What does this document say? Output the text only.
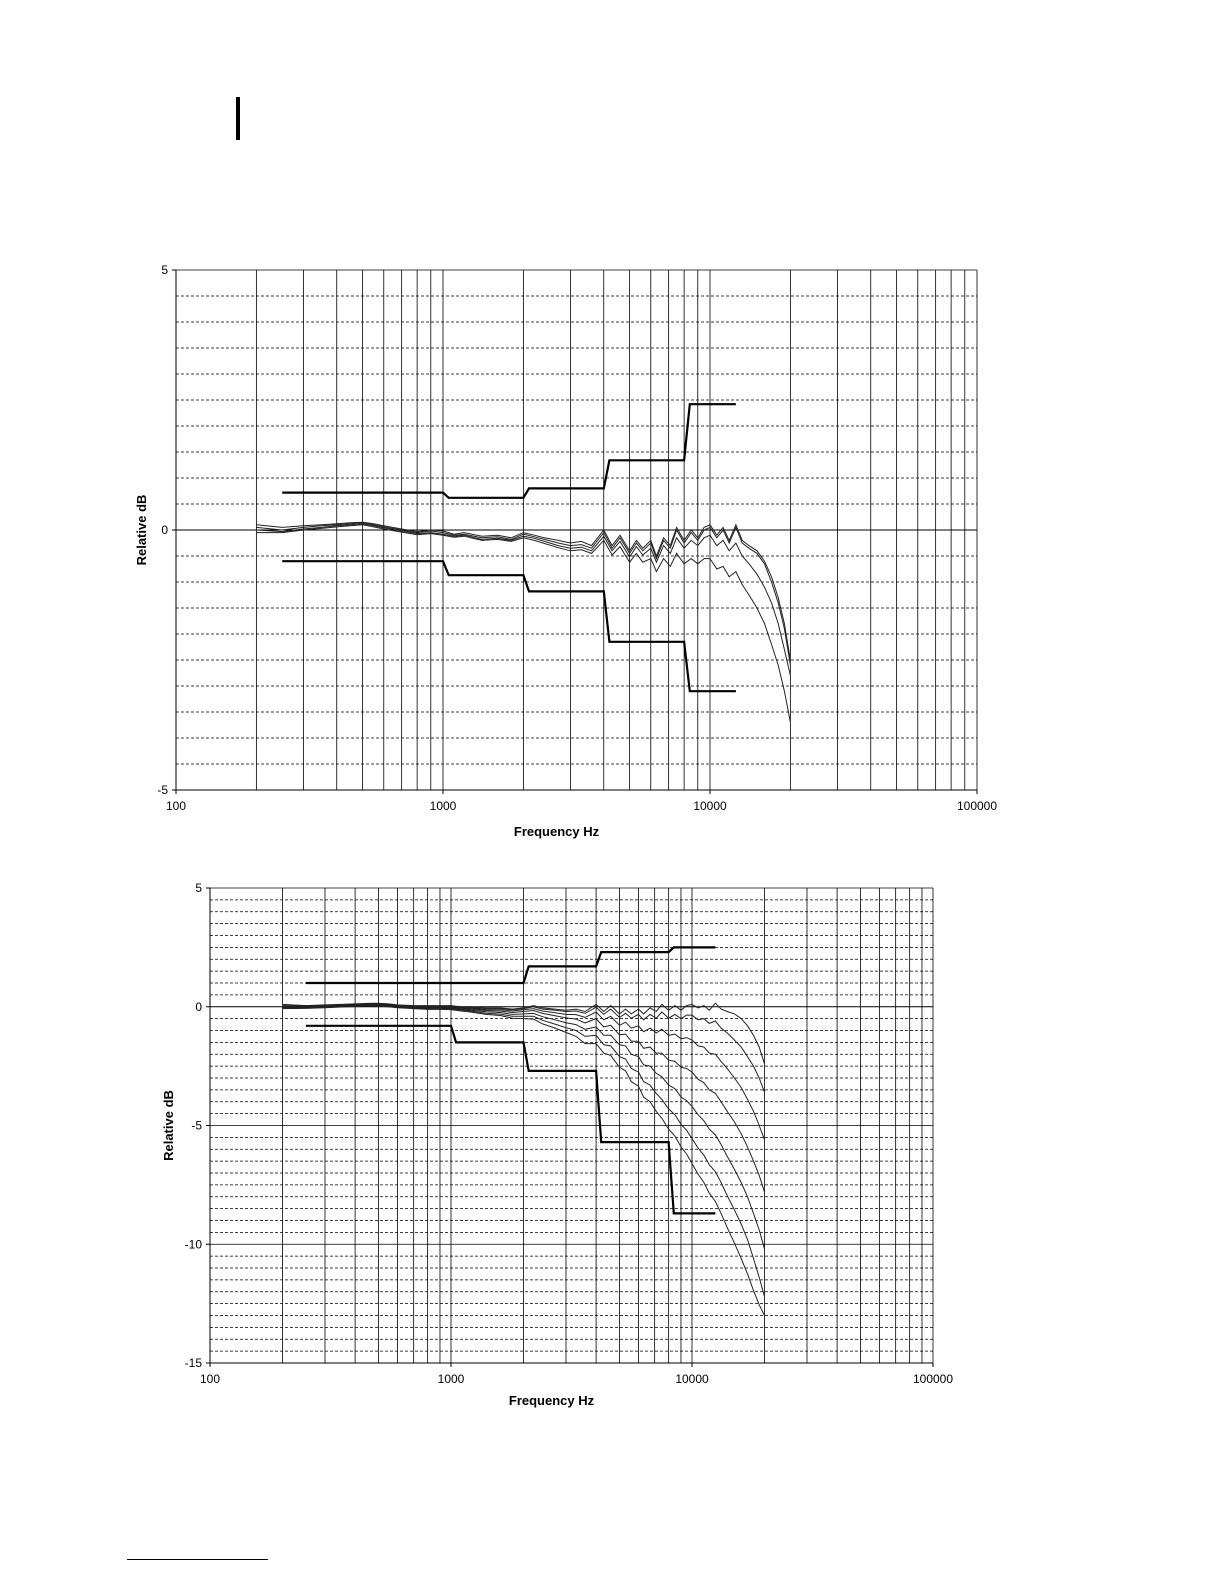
100	1000	10000	100000
5
0
-5
Frequency Hz
Relative dB
100	1000	10000	100000
5
0
-5
-10
-15
Frequency Hz
Relative dB
